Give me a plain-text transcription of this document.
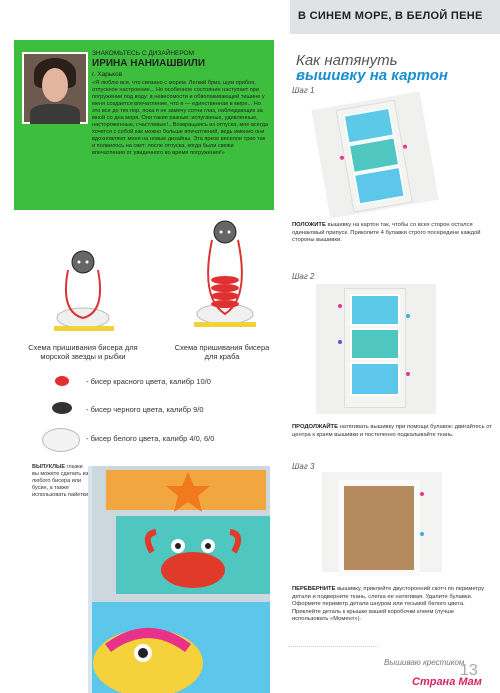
В СИНЕМ МОРЕ, В БЕЛОЙ ПЕНЕ
ЗНАКОМЬТЕСЬ С ДИЗАЙНЕРОМ
ИРИНА НАНИАШВИЛИ
г. Харьков
«Я люблю все, что связано с морем. Легкий бриз, шум прибоя, отпускное настроение... Но особенное состояние наступает при погружении под воду: в невесомости и обволакивающей тишине у меня создается впечатление, что я — единственная в мире... Но это все до тех пор, пока я не замечу сотни глаз, наблюдающих за мной со дна моря. Они такие разные: испуганные, удивленные, настороженные, счастливые!.. Возвращаясь из отпуска, мне всегда хочется с собой как можно больше впечатлений, ведь именно они вдохновляют меня на новые дизайны. Эта яркое веселое трио так и появилось на свет: после отпуска, когда были свежи впечатления от увиденного во время погружения!»
Схема пришивания бисера для морской звезды и рыбки
Схема пришивания бисера для краба
- бисер красного цвета, калибр 10/0
- бисер черного цвета, калибр 9/0
- бисер белого цвета, калибр 4/0, 6/0
ВЫПУКЛЫЕ глазки вы можете сделать из любого бисера или бусин, а также использовать пайетки
Как натянуть
вышивку на картон
Шаг 1
ПОЛОЖИТЕ вышивку на картон так, чтобы со всех сторон остался одинаковый припуск. Приколите 4 булавки строго посередине каждой стороны вышивки.
Шаг 2
ПРОДОЛЖАЙТЕ натягивать вышивку при помощи булавок: двигайтесь от центра к краям вышивки и постепенно подкалывайте ткань.
Шаг 3
ПЕРЕВЕРНИТЕ вышивку, приклейте двусторонний скотч по периметру детали и подверните ткань, слегка ее натягивая. Удалите булавки. Оформите периметр детали шнуром или тесьмой белого цвета. Приклейте деталь к крышке вашей коробочки клеем (лучше использовать «Момент»).
Вышиваю крестиком
13
Страна Мам
